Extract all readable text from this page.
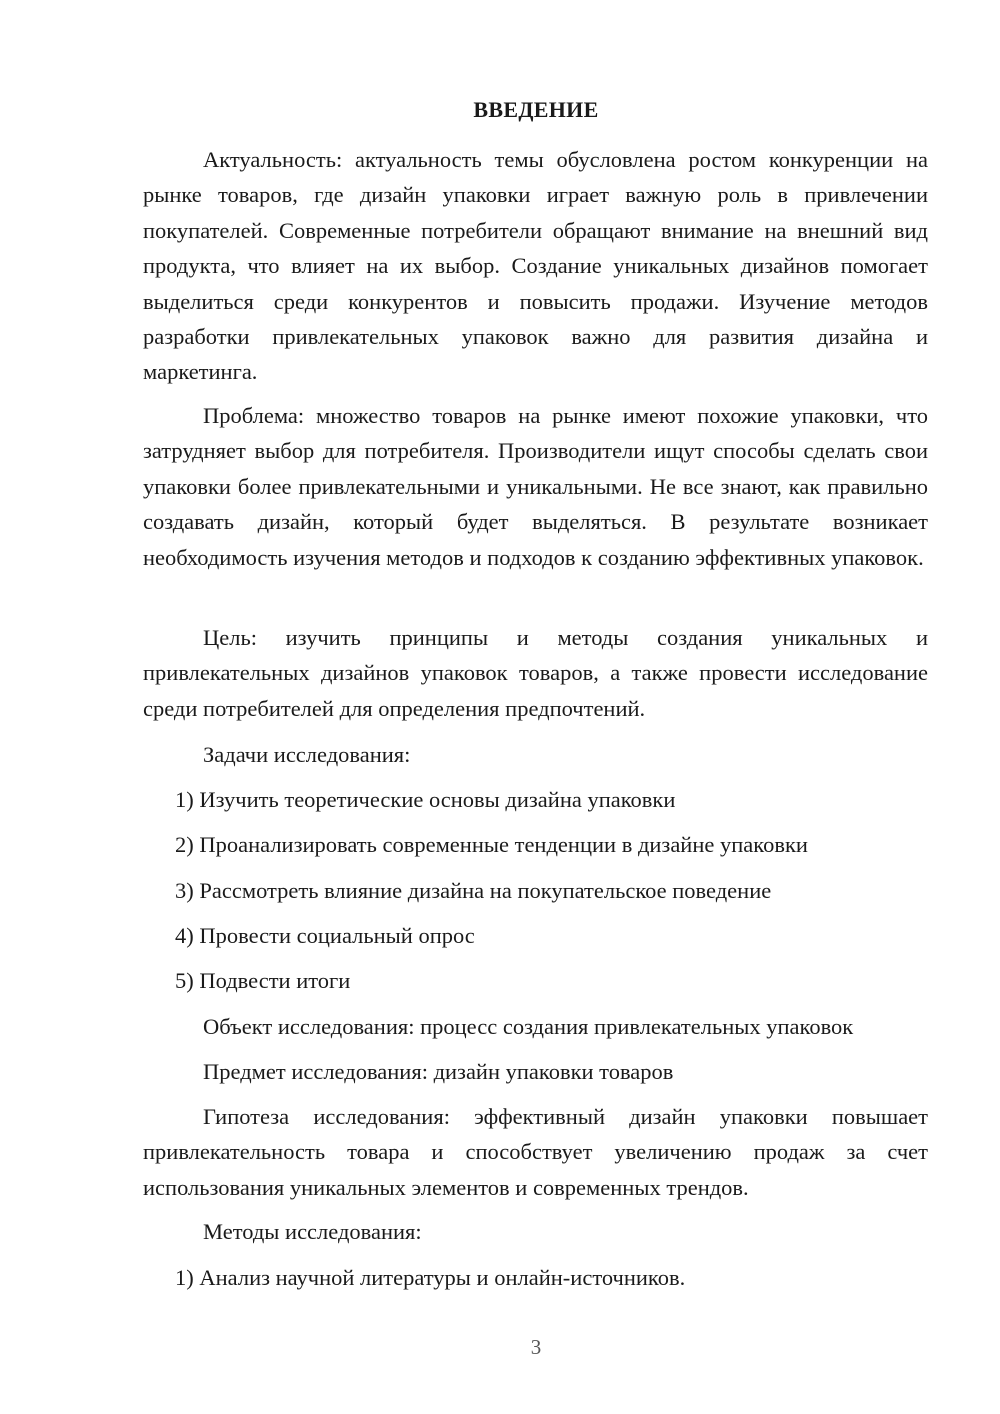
ВВЕДЕНИЕ

Актуальность: актуальность темы обусловлена ростом конкуренции на рынке товаров, где дизайн упаковки играет важную роль в привлечении покупателей. Современные потребители обращают внимание на внешний вид продукта, что влияет на их выбор. Создание уникальных дизайнов помогает выделиться среди конкурентов и повысить продажи. Изучение методов разработки привлекательных упаковок важно для развития дизайна и маркетинга.

Проблема: множество товаров на рынке имеют похожие упаковки, что затрудняет выбор для потребителя. Производители ищут способы сделать свои упаковки более привлекательными и уникальными. Не все знают, как правильно создавать дизайн, который будет выделяться. В результате возникает необходимость изучения методов и подходов к созданию эффективных упаковок.

Цель: изучить принципы и методы создания уникальных и привлекательных дизайнов упаковок товаров, а также провести исследование среди потребителей для определения предпочтений.

Задачи исследования:
1) Изучить теоретические основы дизайна упаковки
2) Проанализировать современные тенденции в дизайне упаковки
3) Рассмотреть влияние дизайна на покупательское поведение
4) Провести социальный опрос
5) Подвести итоги
Объект исследования: процесс создания привлекательных упаковок
Предмет исследования: дизайн упаковки товаров

Гипотеза исследования: эффективный дизайн упаковки повышает привлекательность товара и способствует увеличению продаж за счет использования уникальных элементов и современных трендов.

Методы исследования:
1) Анализ научной литературы и онлайн-источников.
3
